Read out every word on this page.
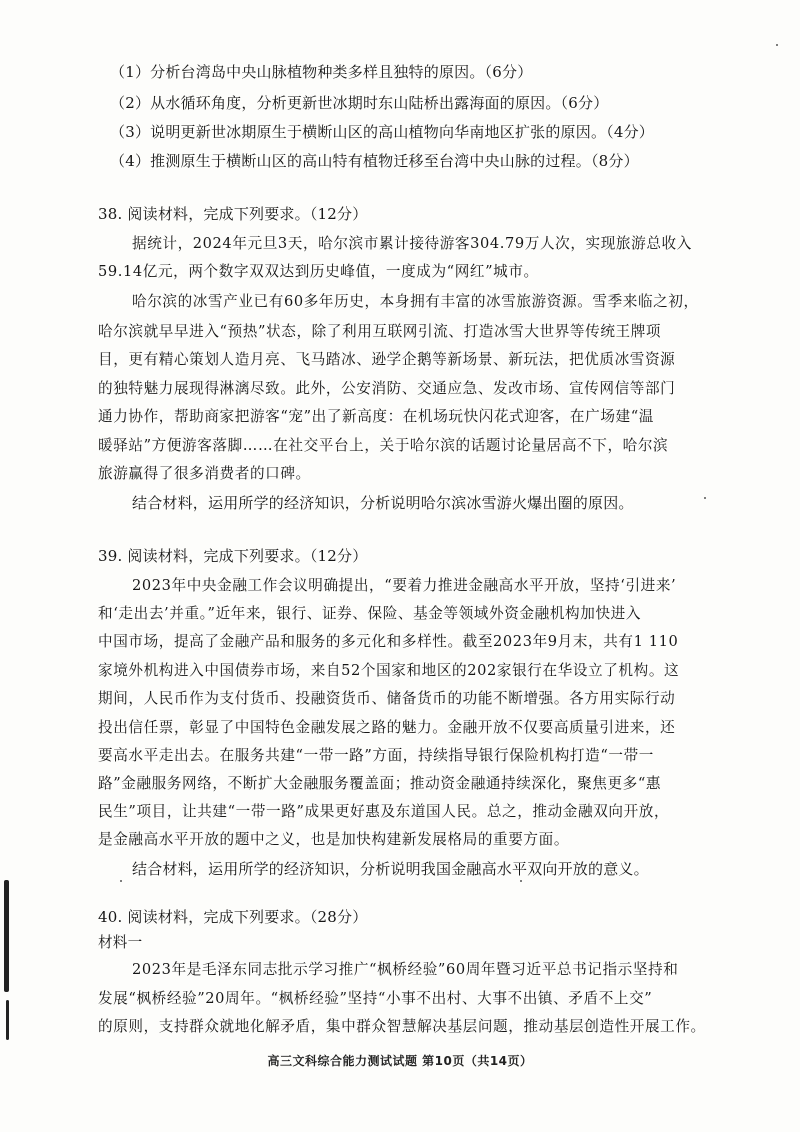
（1）分析台湾岛中央山脉植物种类多样且独特的原因。（6分）
（2）从水循环角度，分析更新世冰期时东山陆桥出露海面的原因。（6分）
（3）说明更新世冰期原生于横断山区的高山植物向华南地区扩张的原因。（4分）
（4）推测原生于横断山区的高山特有植物迁移至台湾中央山脉的过程。（8分）
38. 阅读材料，完成下列要求。（12分）
据统计，2024年元旦3天，哈尔滨市累计接待游客304.79万人次，实现旅游总收入
59.14亿元，两个数字双双达到历史峰值，一度成为“网红”城市。
哈尔滨的冰雪产业已有60多年历史，本身拥有丰富的冰雪旅游资源。雪季来临之初，
哈尔滨就早早进入“预热”状态，除了利用互联网引流、打造冰雪大世界等传统王牌项
目，更有精心策划人造月亮、飞马踏冰、逊学企鹅等新场景、新玩法，把优质冰雪资源
的独特魅力展现得淋漓尽致。此外，公安消防、交通应急、发改市场、宣传网信等部门
通力协作，帮助商家把游客“宠”出了新高度：在机场玩快闪花式迎客，在广场建“温
暖驿站”方便游客落脚……在社交平台上，关于哈尔滨的话题讨论量居高不下，哈尔滨
旅游赢得了很多消费者的口碑。
结合材料，运用所学的经济知识，分析说明哈尔滨冰雪游火爆出圈的原因。
39. 阅读材料，完成下列要求。（12分）
2023年中央金融工作会议明确提出，“要着力推进金融高水平开放，坚持‘引进来’
和‘走出去’并重。”近年来，银行、证券、保险、基金等领域外资金融机构加快进入
中国市场，提高了金融产品和服务的多元化和多样性。截至2023年9月末，共有1 110
家境外机构进入中国债券市场，来自52个国家和地区的202家银行在华设立了机构。这
期间，人民币作为支付货币、投融资货币、储备货币的功能不断增强。各方用实际行动
投出信任票，彰显了中国特色金融发展之路的魅力。金融开放不仅要高质量引进来，还
要高水平走出去。在服务共建“一带一路”方面，持续指导银行保险机构打造“一带一
路”金融服务网络，不断扩大金融服务覆盖面；推动资金融通持续深化，聚焦更多“惠
民生”项目，让共建“一带一路”成果更好惠及东道国人民。总之，推动金融双向开放，
是金融高水平开放的题中之义，也是加快构建新发展格局的重要方面。
结合材料，运用所学的经济知识，分析说明我国金融高水平双向开放的意义。
40. 阅读材料，完成下列要求。（28分）
材料一
2023年是毛泽东同志批示学习推广“枫桥经验”60周年暨习近平总书记指示坚持和
发展“枫桥经验”20周年。“枫桥经验”坚持“小事不出村、大事不出镇、矛盾不上交”
的原则，支持群众就地化解矛盾，集中群众智慧解决基层问题，推动基层创造性开展工作。
高三文科综合能力测试试题 第10页（共14页）
